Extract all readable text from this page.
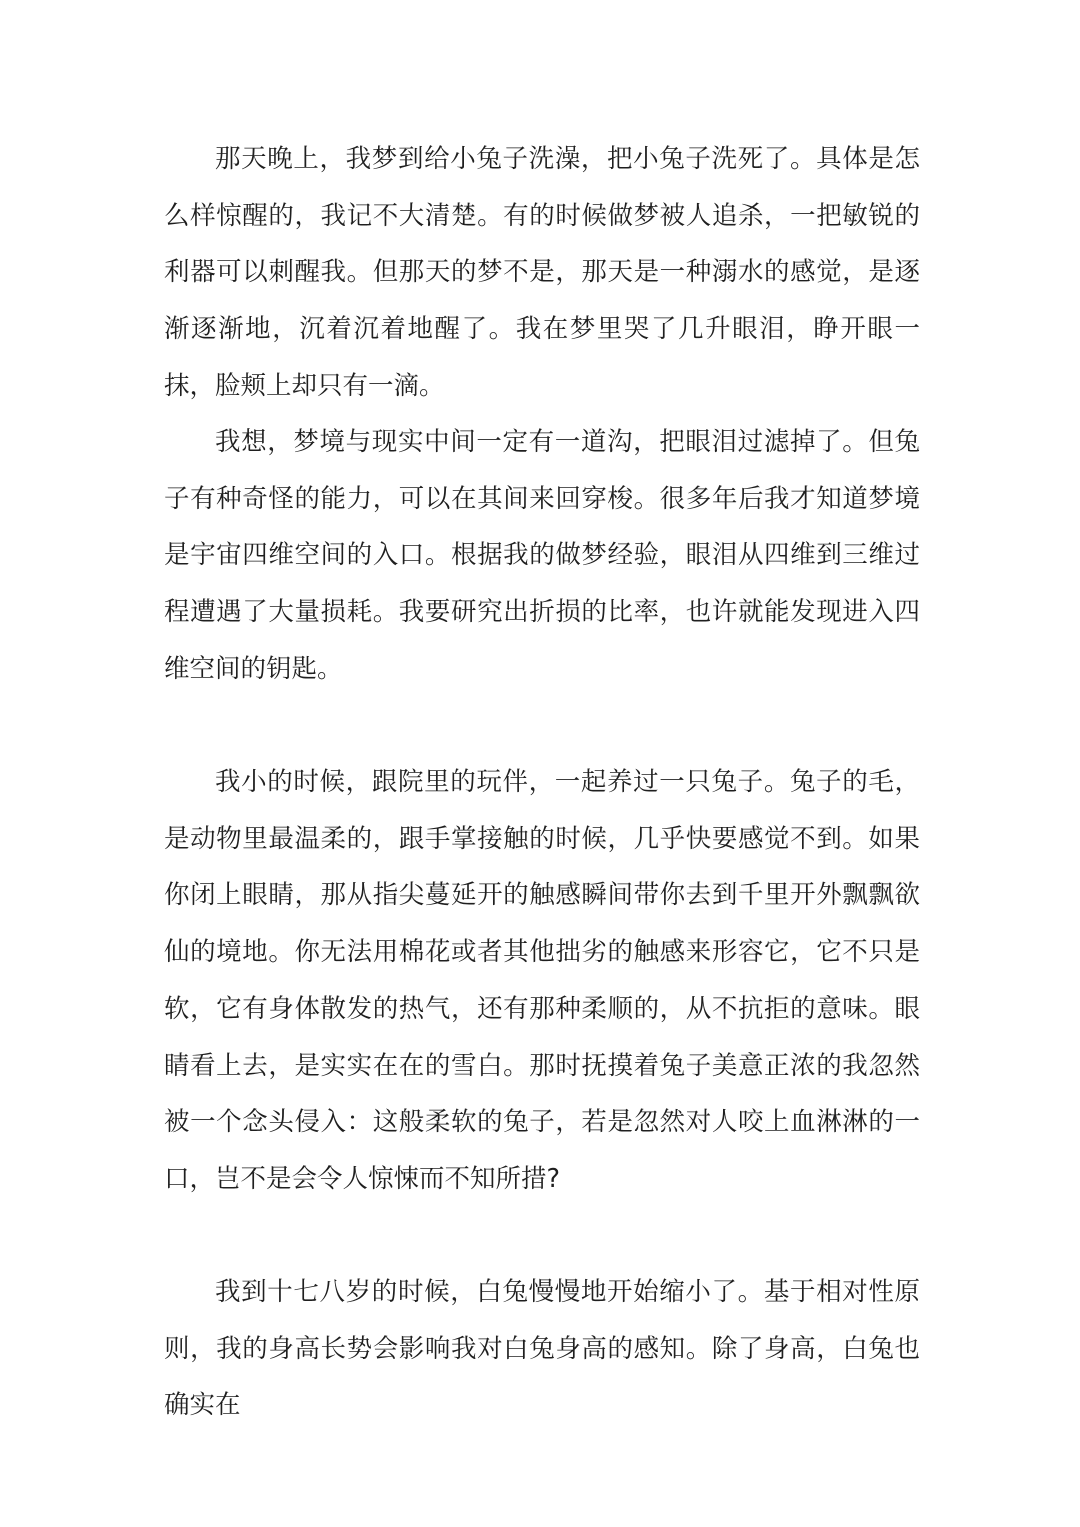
那天晚上，我梦到给小兔子洗澡，把小兔子洗死了。具体是怎么样惊醒的，我记不大清楚。有的时候做梦被人追杀，一把敏锐的利器可以刺醒我。但那天的梦不是，那天是一种溺水的感觉，是逐渐逐渐地，沉着沉着地醒了。我在梦里哭了几升眼泪，睁开眼一抹，脸颊上却只有一滴。

我想，梦境与现实中间一定有一道沟，把眼泪过滤掉了。但兔子有种奇怪的能力，可以在其间来回穿梭。很多年后我才知道梦境是宇宙四维空间的入口。根据我的做梦经验，眼泪从四维到三维过程遭遇了大量损耗。我要研究出折损的比率，也许就能发现进入四维空间的钥匙。

我小的时候，跟院里的玩伴，一起养过一只兔子。兔子的毛，是动物里最温柔的，跟手掌接触的时候，几乎快要感觉不到。如果你闭上眼睛，那从指尖蔓延开的触感瞬间带你去到千里开外飘飘欲仙的境地。你无法用棉花或者其他拙劣的触感来形容它，它不只是软，它有身体散发的热气，还有那种柔顺的，从不抗拒的意味。眼睛看上去，是实实在在的雪白。那时抚摸着兔子美意正浓的我忽然被一个念头侵入：这般柔软的兔子，若是忽然对人咬上血淋淋的一口，岂不是会令人惊悚而不知所措?

我到十七八岁的时候，白兔慢慢地开始缩小了。基于相对性原则，我的身高长势会影响我对白兔身高的感知。除了身高，白兔也确实在
